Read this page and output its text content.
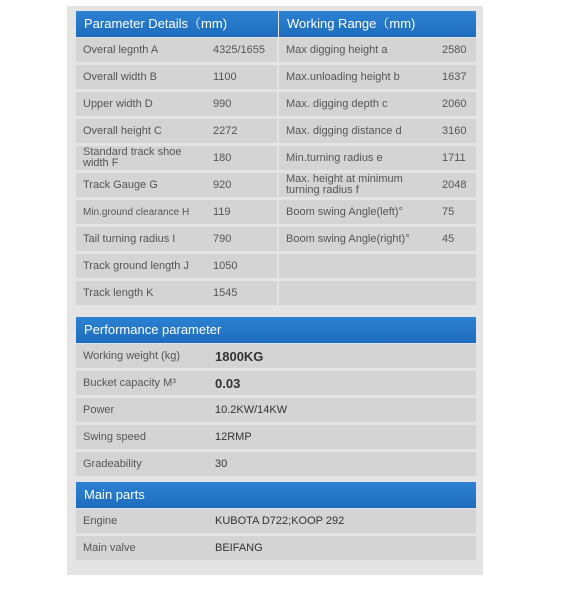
Parameter Details（mm)	Working Range（mm)
Overal legnth A	4325/1655
Overall width B	1100
Upper width D	990
Overall height C	2272
Standard track shoe width F	180
Track Gauge G	920
Min.ground clearance H 119
Tail turning radius I	790
Track ground length J 1050
Track length K	1545
Max digging height a	2580
Max.unloading height b	1637
Max. digging depth c	2060
Max. digging distance d	3160
Min.turning radius e	1711
Max. height at minimum turning radius f	2048
Boom swing Angle(left)°	75
Boom swing Angle(right)°	45
Performance parameter
Working weight (kg)	1800KG
Bucket capacity M³	0.03
Power	10.2KW/14KW
Swing speed	12RMP
Gradeability	30
Main parts
Engine	KUBOTA D722;KOOP 292
Main valve	BEIFANG
